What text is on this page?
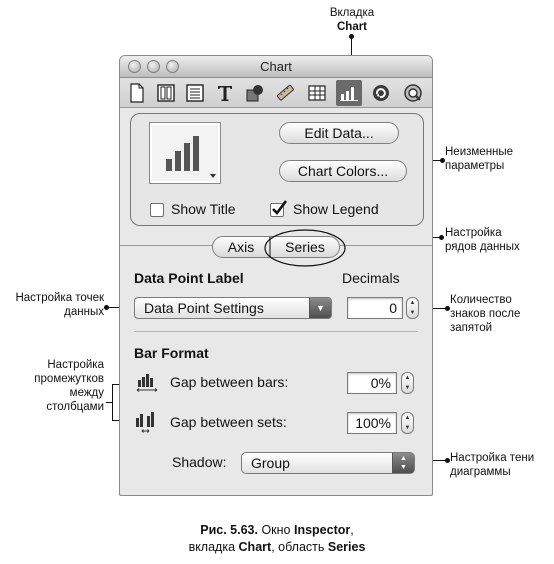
Вкладка
Chart
Неизменные
параметры
Настройка
рядов данных
Настройка точек
данных
Количество
знаков после
запятой
Настройка
промежутков
между
столбцами
Настройка тени
диаграммы
Chart
Edit Data...
Chart Colors...
Show Title	Show Legend
Axis	Series
Data Point Label	Decimals
Data Point Settings	▼	0	▲
▼
Bar Format
Gap between bars:	0%	▲
▼
Gap between sets:	100%	▲
▼
Shadow:	Group	▲
▼
Рис. 5.63. Окно Inspector,
вкладка Chart, область Series
